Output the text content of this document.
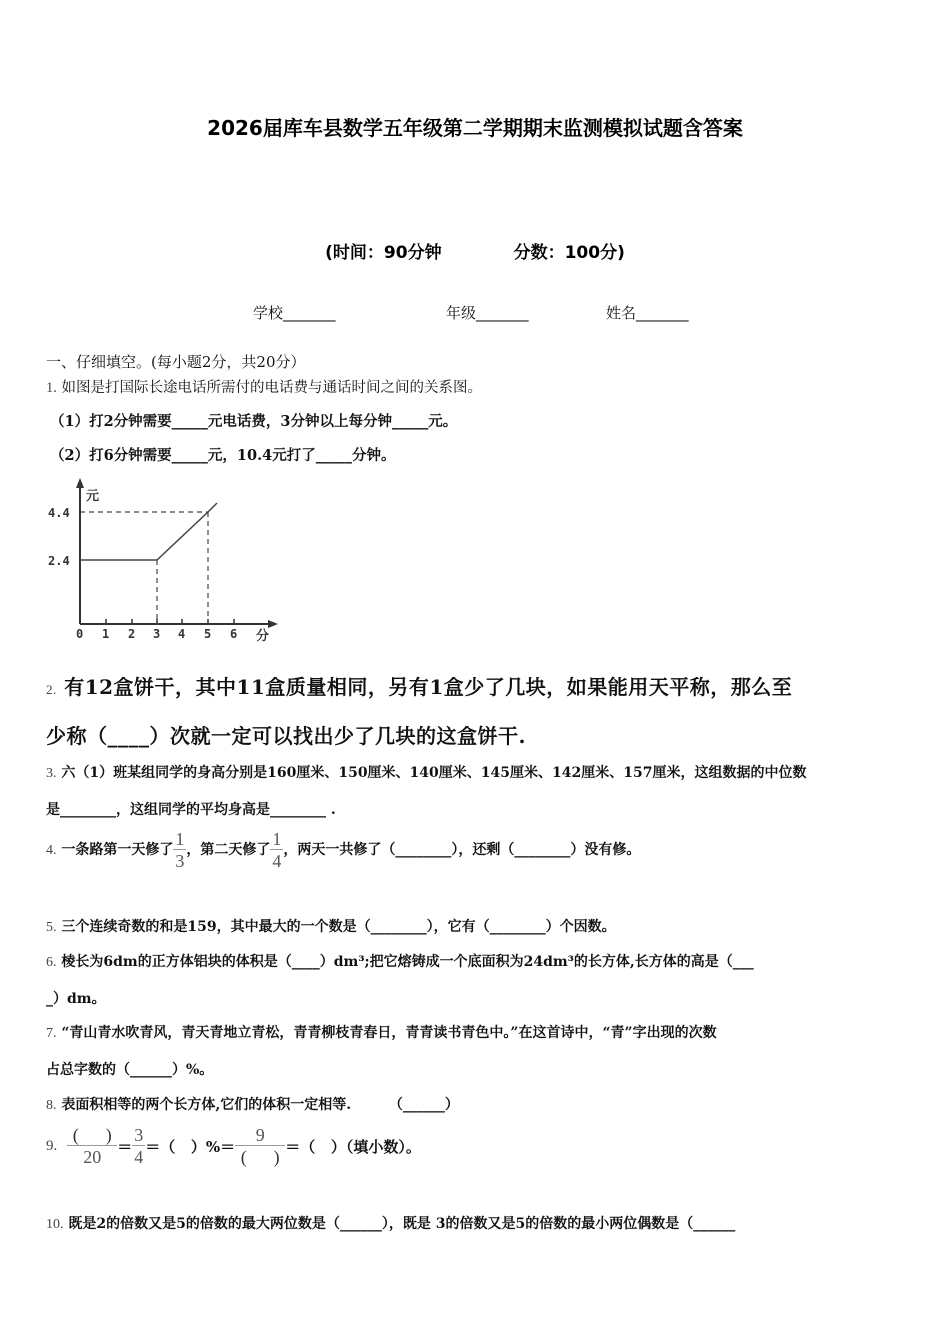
2026届库车县数学五年级第二学期期末监测模拟试题含答案
(时间：90分钟	分数：100分)
学校_______	年级_______	姓名_______
一、仔细填空。(每小题2分，共20分）
1. 如图是打国际长途电话所需付的电话费与通话时间之间的关系图。
（1）打2分钟需要_____元电话费，3分钟以上每分钟_____元。
（2）打6分钟需要_____元，10.4元打了_____分钟。
4.4
2.4
0 1 2 3 4 5 6
元
分
2. 有12盒饼干，其中11盒质量相同，另有1盒少了几块，如果能用天平称，那么至
少称（____）次就一定可以找出少了几块的这盒饼干.
3. 六（1）班某组同学的身高分别是160厘米、150厘米、140厘米、145厘米、142厘米、157厘米，这组数据的中位数
是________，这组同学的平均身高是________ .
4. 一条路第一天修了 $\frac{1}{3}$ ，第二天修了 $\frac{1}{4}$ ，两天一共修了（________），还剩（________）没有修。
5. 三个连续奇数的和是159，其中最大的一个数是（________），它有（________）个因数。
6. 棱长为6dm的正方体铝块的体积是（____）dm³;把它熔铸成一个底面积为24dm³的长方体,长方体的高是（___
_）dm。
7. “青山青水吹青风，青天青地立青松，青青柳枝青春日，青青读书青色中。”在这首诗中，“青”字出现的次数
占总字数的（______）%。
8. 表面积相等的两个长方体,它们的体积一定相等.	（______）
9. $\frac{( )}{20} = \frac{3}{4}$ ＝（   ）%＝ $\frac{9}{( )}$ ＝（   ）（填小数）。
10. 既是2的倍数又是5的倍数的最大两位数是（______），既是 3的倍数又是5的倍数的最小两位偶数是（______
